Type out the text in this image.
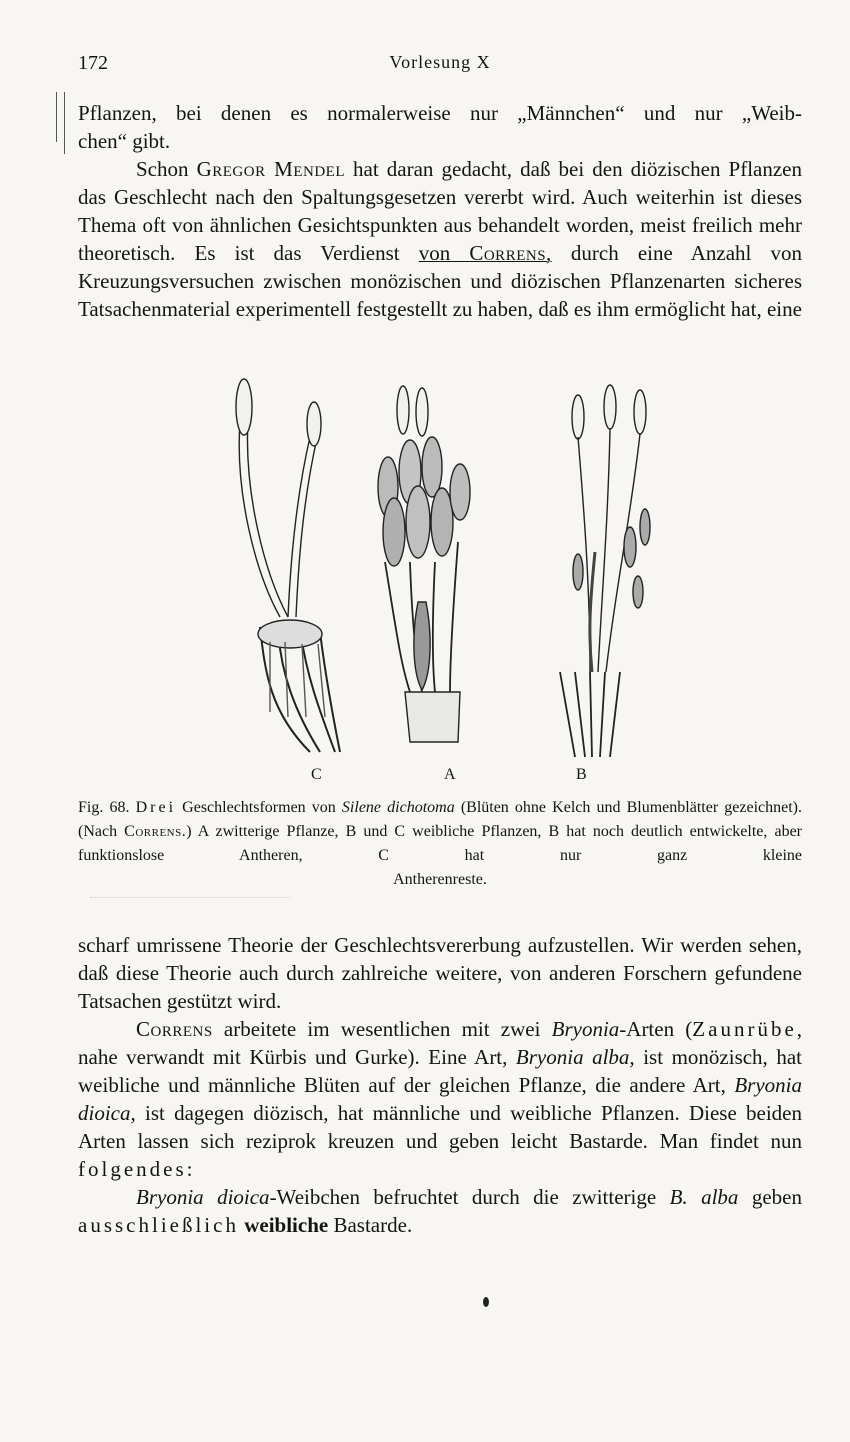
172	Vorlesung X

Pflanzen, bei denen es normalerweise nur „Männchen“ und nur „Weib-

chen“ gibt.

Schon Gregor Mendel hat daran gedacht, daß bei den diözischen Pflanzen das Geschlecht nach den Spaltungsgesetzen vererbt wird. Auch weiterhin ist dieses Thema oft von ähnlichen Gesichtspunkten aus behandelt worden, meist freilich mehr theoretisch. Es ist das Verdienst von Correns, durch eine Anzahl von Kreuzungsversuchen zwischen monözischen und diözischen Pflanzenarten sicheres Tatsachenmaterial experimentell festgestellt zu haben, daß es ihm ermöglicht hat, eine

C	A	B
Fig. 68. Drei Geschlechtsformen von Silene dichotoma (Blüten ohne Kelch und Blumenblätter gezeichnet). (Nach Correns.) A zwitterige Pflanze, B und C weibliche Pflanzen, B hat noch deutlich entwickelte, aber funktionslose Antheren, C hat nur ganz kleine
Antherenreste.

scharf umrissene Theorie der Geschlechtsvererbung aufzustellen. Wir werden sehen, daß diese Theorie auch durch zahlreiche weitere, von anderen Forschern gefundene Tatsachen gestützt wird.

Correns arbeitete im wesentlichen mit zwei Bryonia-Arten (Zaunrübe, nahe verwandt mit Kürbis und Gurke). Eine Art, Bryonia alba, ist monözisch, hat weibliche und männliche Blüten auf der gleichen Pflanze, die andere Art, Bryonia dioica, ist dagegen diözisch, hat männliche und weibliche Pflanzen. Diese beiden Arten lassen sich reziprok kreuzen und geben leicht Bastarde. Man findet nun folgendes:

Bryonia dioica-Weibchen befruchtet durch die zwitterige B. alba geben ausschließlich weibliche Bastarde.
